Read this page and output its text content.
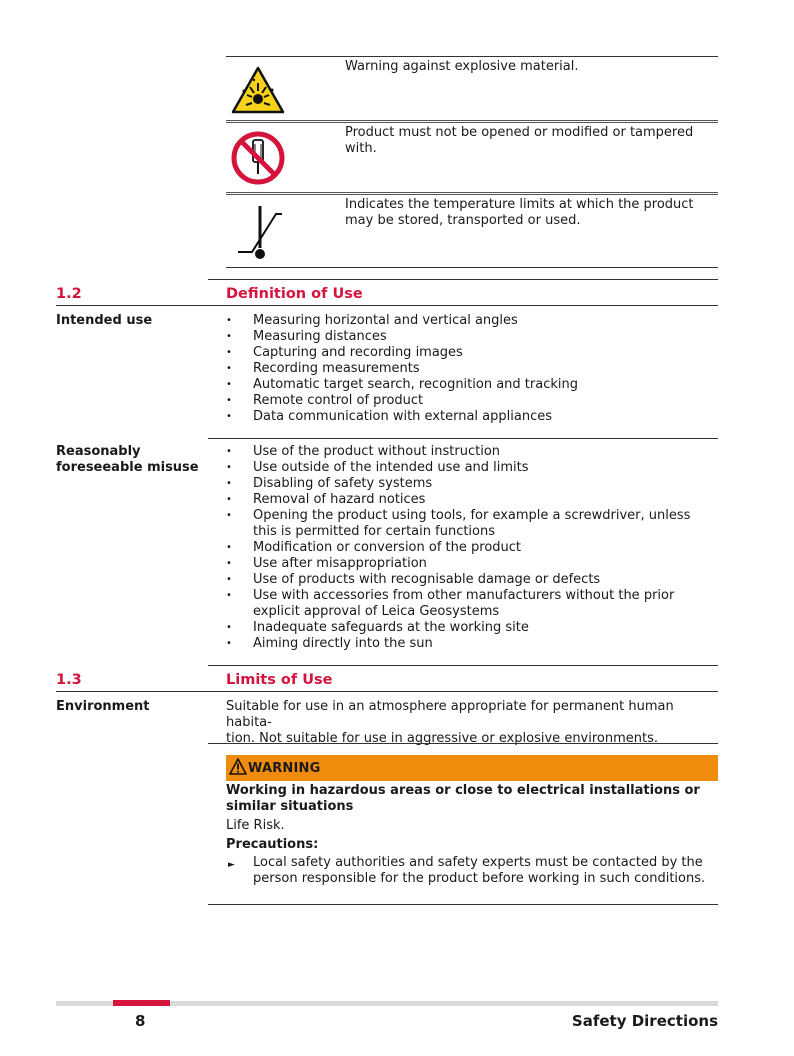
Warning against explosive material.
Product must not be opened or modified or tampered with.
Indicates the temperature limits at which the product may be stored, transported or used.
1.2	Definition of Use
Intended use
•	Measuring horizontal and vertical angles
• Measuring distances
• Capturing and recording images
• Recording measurements
• Automatic target search, recognition and tracking
• Remote control of product
• Data communication with external appliances
Reasonably
foreseeable misuse
• Use of the product without instruction
• Use outside of the intended use and limits
• Disabling of safety systems
• Removal of hazard notices
• Opening the product using tools, for example a screwdriver, unless this is permitted for certain functions
• Modification or conversion of the product
• Use after misappropriation
• Use of products with recognisable damage or defects
• Use with accessories from other manufacturers without the prior explicit approval of Leica Geosystems
• Inadequate safeguards at the working site
• Aiming directly into the sun
1.3	Limits of Use
Environment	Suitable for use in an atmosphere appropriate for permanent human habita-
tion. Not suitable for use in aggressive or explosive environments.
WARNING
Working in hazardous areas or close to electrical installations or similar situations
Life Risk.
Precautions:
► Local safety authorities and safety experts must be contacted by the person responsible for the product before working in such conditions.
8	Safety Directions
